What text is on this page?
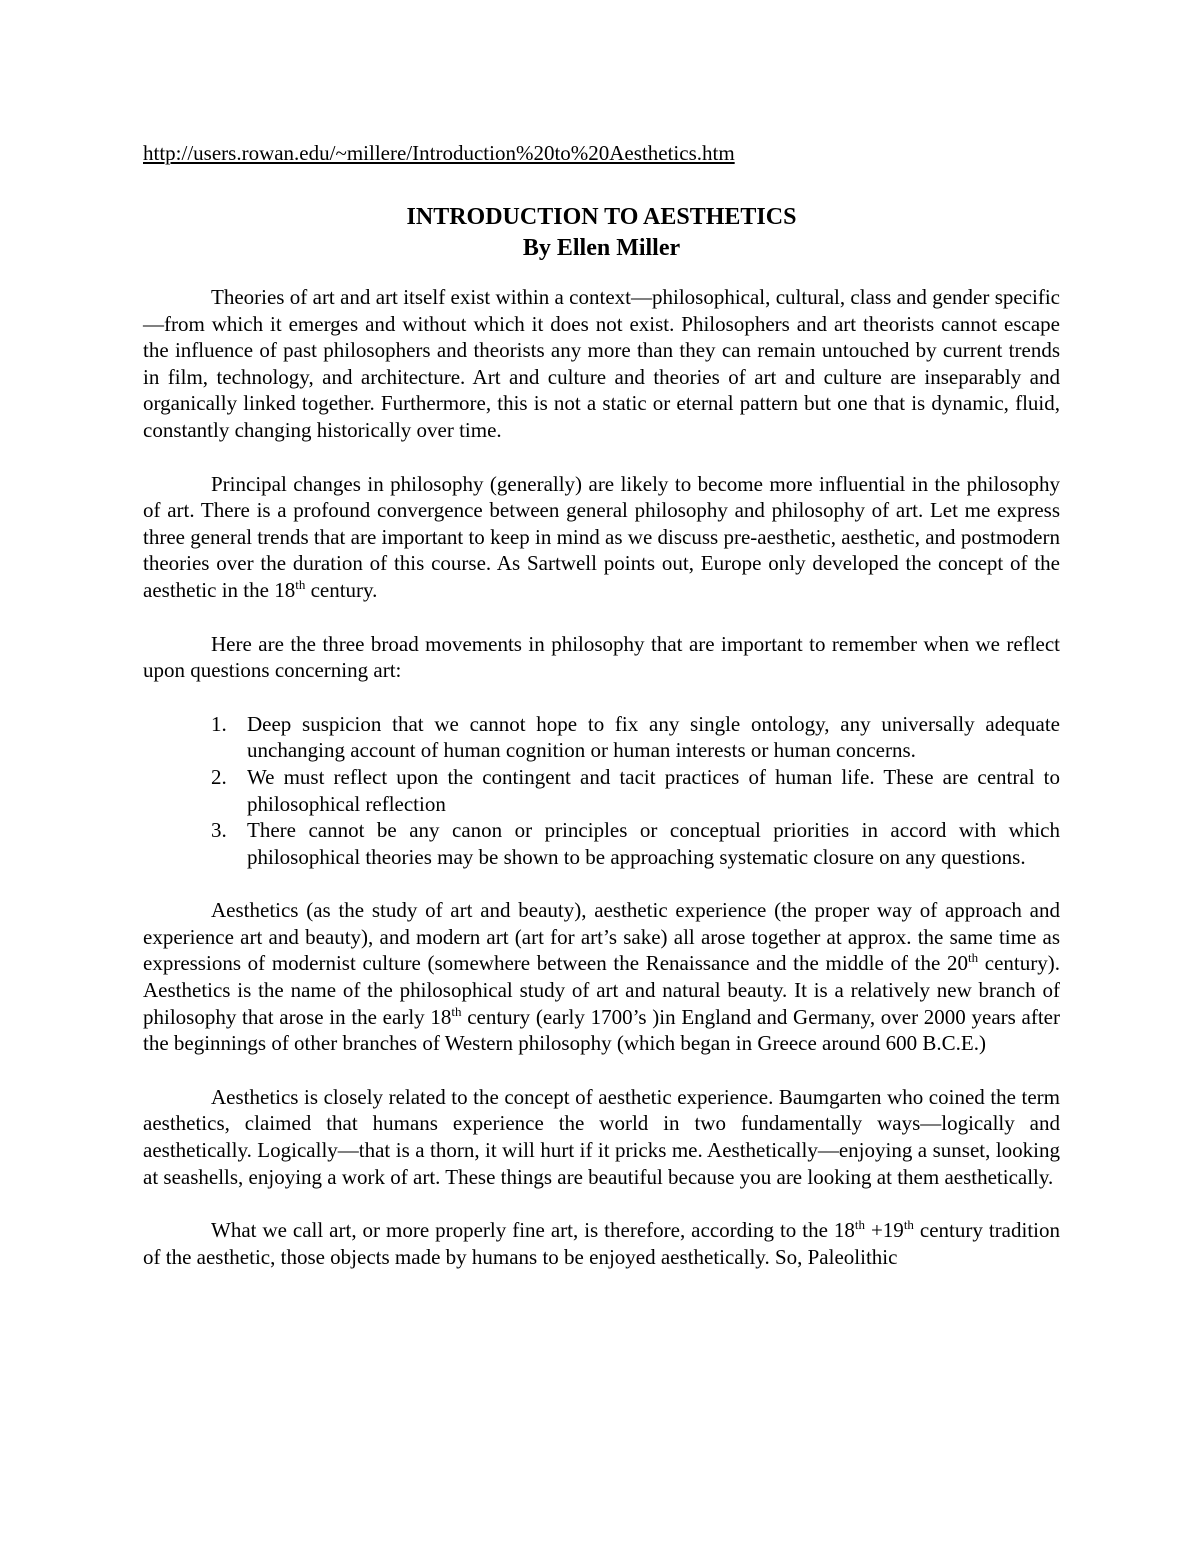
http://users.rowan.edu/~millere/Introduction%20to%20Aesthetics.htm
INTRODUCTION TO AESTHETICS
By Ellen Miller

Theories of art and art itself exist within a context—philosophical, cultural, class and gender specific—from which it emerges and without which it does not exist. Philosophers and art theorists cannot escape the influence of past philosophers and theorists any more than they can remain untouched by current trends in film, technology, and architecture. Art and culture and theories of art and culture are inseparably and organically linked together. Furthermore, this is not a static or eternal pattern but one that is dynamic, fluid, constantly changing historically over time.

Principal changes in philosophy (generally) are likely to become more influential in the philosophy of art. There is a profound convergence between general philosophy and philosophy of art. Let me express three general trends that are important to keep in mind as we discuss pre-aesthetic, aesthetic, and postmodern theories over the duration of this course. As Sartwell points out, Europe only developed the concept of the aesthetic in the 18th century.

Here are the three broad movements in philosophy that are important to remember when we reflect upon questions concerning art:

1. Deep suspicion that we cannot hope to fix any single ontology, any universally adequate unchanging account of human cognition or human interests or human concerns.
2. We must reflect upon the contingent and tacit practices of human life. These are central to philosophical reflection
3. There cannot be any canon or principles or conceptual priorities in accord with which philosophical theories may be shown to be approaching systematic closure on any questions.

Aesthetics (as the study of art and beauty), aesthetic experience (the proper way of approach and experience art and beauty), and modern art (art for art’s sake) all arose together at approx. the same time as expressions of modernist culture (somewhere between the Renaissance and the middle of the 20th century). Aesthetics is the name of the philosophical study of art and natural beauty. It is a relatively new branch of philosophy that arose in the early 18th century (early 1700’s )in England and Germany, over 2000 years after the beginnings of other branches of Western philosophy (which began in Greece around 600 B.C.E.)

Aesthetics is closely related to the concept of aesthetic experience. Baumgarten who coined the term aesthetics, claimed that humans experience the world in two fundamentally ways—logically and aesthetically. Logically—that is a thorn, it will hurt if it pricks me. Aesthetically—enjoying a sunset, looking at seashells, enjoying a work of art. These things are beautiful because you are looking at them aesthetically.

What we call art, or more properly fine art, is therefore, according to the 18th +19th century tradition of the aesthetic, those objects made by humans to be enjoyed aesthetically. So, Paleolithic
